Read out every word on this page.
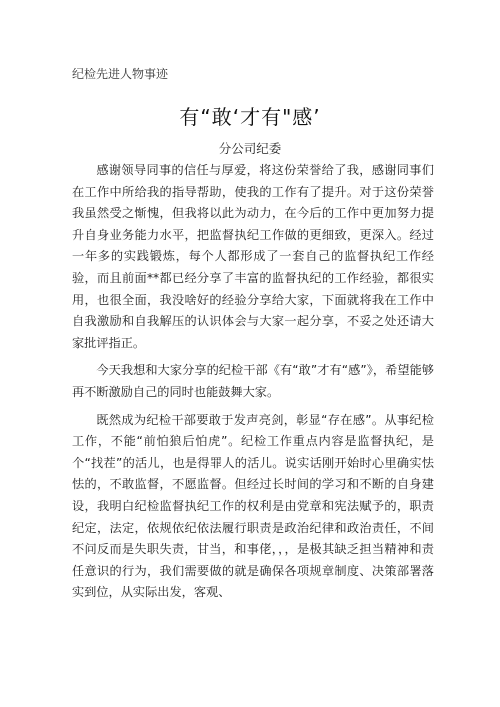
纪检先进人物事迹
有“敢‘才有"感’
分公司纪委

感谢领导同事的信任与厚爱，将这份荣誉给了我，感谢同事们在工作中所给我的指导帮助，使我的工作有了提升。对于这份荣誉我虽然受之惭愧，但我将以此为动力，在今后的工作中更加努力提升自身业务能力水平，把监督执纪工作做的更细致，更深入。经过一年多的实践锻炼，每个人都形成了一套自己的监督执纪工作经验，而且前面**都已经分享了丰富的监督执纪的工作经验，都很实用，也很全面，我没啥好的经验分享给大家，下面就将我在工作中自我激励和自我解压的认识体会与大家一起分享，不妥之处还请大家批评指正。

今天我想和大家分享的纪检干部《有“敢”才有“感”》，希望能够再不断激励自己的同时也能鼓舞大家。

既然成为纪检干部要敢于发声亮剑，彰显“存在感”。从事纪检工作，不能“前怕狼后怕虎”。纪检工作重点内容是监督执纪，是个“找茬”的活儿，也是得罪人的活儿。说实话刚开始时心里确实怯怯的，不敢监督，不愿监督。但经过长时间的学习和不断的自身建设，我明白纪检监督执纪工作的权利是由党章和宪法赋予的，职责纪定，法定，依规依纪依法履行职责是政治纪律和政治责任，不间不问反而是失职失责，甘当，和事佬，，，是极其缺乏担当精神和责任意识的行为，我们需要做的就是确保各项规章制度、决策部署落实到位，从实际出发，客观、
